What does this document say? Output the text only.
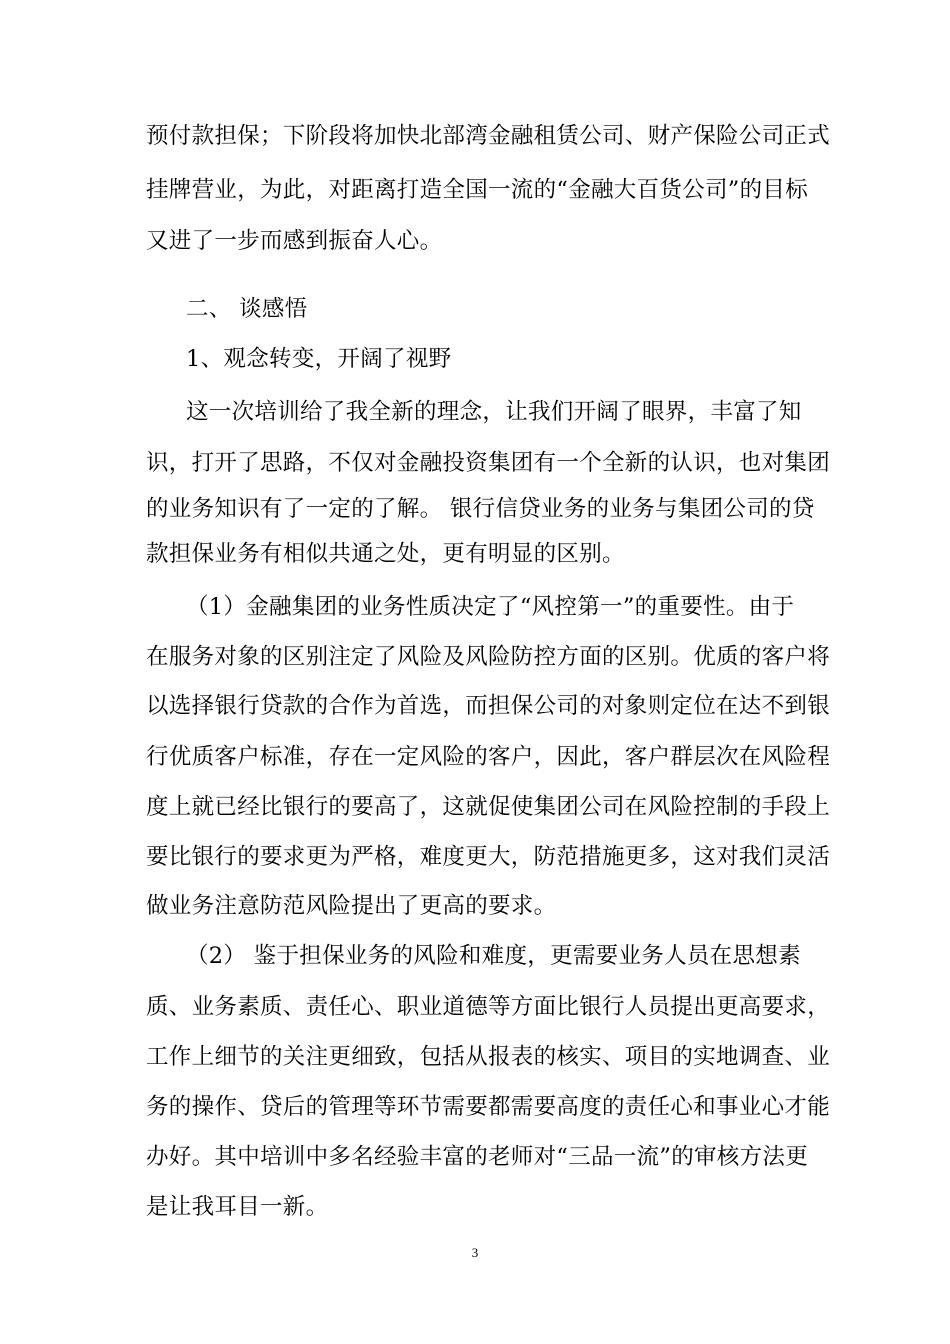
预付款担保；下阶段将加快北部湾金融租赁公司、财产保险公司正式
挂牌营业，为此，对距离打造全国一流的“金融大百货公司”的目标
又进了一步而感到振奋人心。
二、 谈感悟
1、观念转变，开阔了视野
这一次培训给了我全新的理念，让我们开阔了眼界，丰富了知
识，打开了思路，不仅对金融投资集团有一个全新的认识，也对集团
的业务知识有了一定的了解。 银行信贷业务的业务与集团公司的贷
款担保业务有相似共通之处，更有明显的区别。
（1）金融集团的业务性质决定了“风控第一”的重要性。由于
在服务对象的区别注定了风险及风险防控方面的区别。优质的客户将
以选择银行贷款的合作为首选，而担保公司的对象则定位在达不到银
行优质客户标准，存在一定风险的客户，因此，客户群层次在风险程
度上就已经比银行的要高了，这就促使集团公司在风险控制的手段上
要比银行的要求更为严格，难度更大，防范措施更多，这对我们灵活
做业务注意防范风险提出了更高的要求。
（2） 鉴于担保业务的风险和难度，更需要业务人员在思想素
质、业务素质、责任心、职业道德等方面比银行人员提出更高要求，
工作上细节的关注更细致，包括从报表的核实、项目的实地调查、业
务的操作、贷后的管理等环节需要都需要高度的责任心和事业心才能
办好。其中培训中多名经验丰富的老师对“三品一流”的审核方法更
是让我耳目一新。
3
